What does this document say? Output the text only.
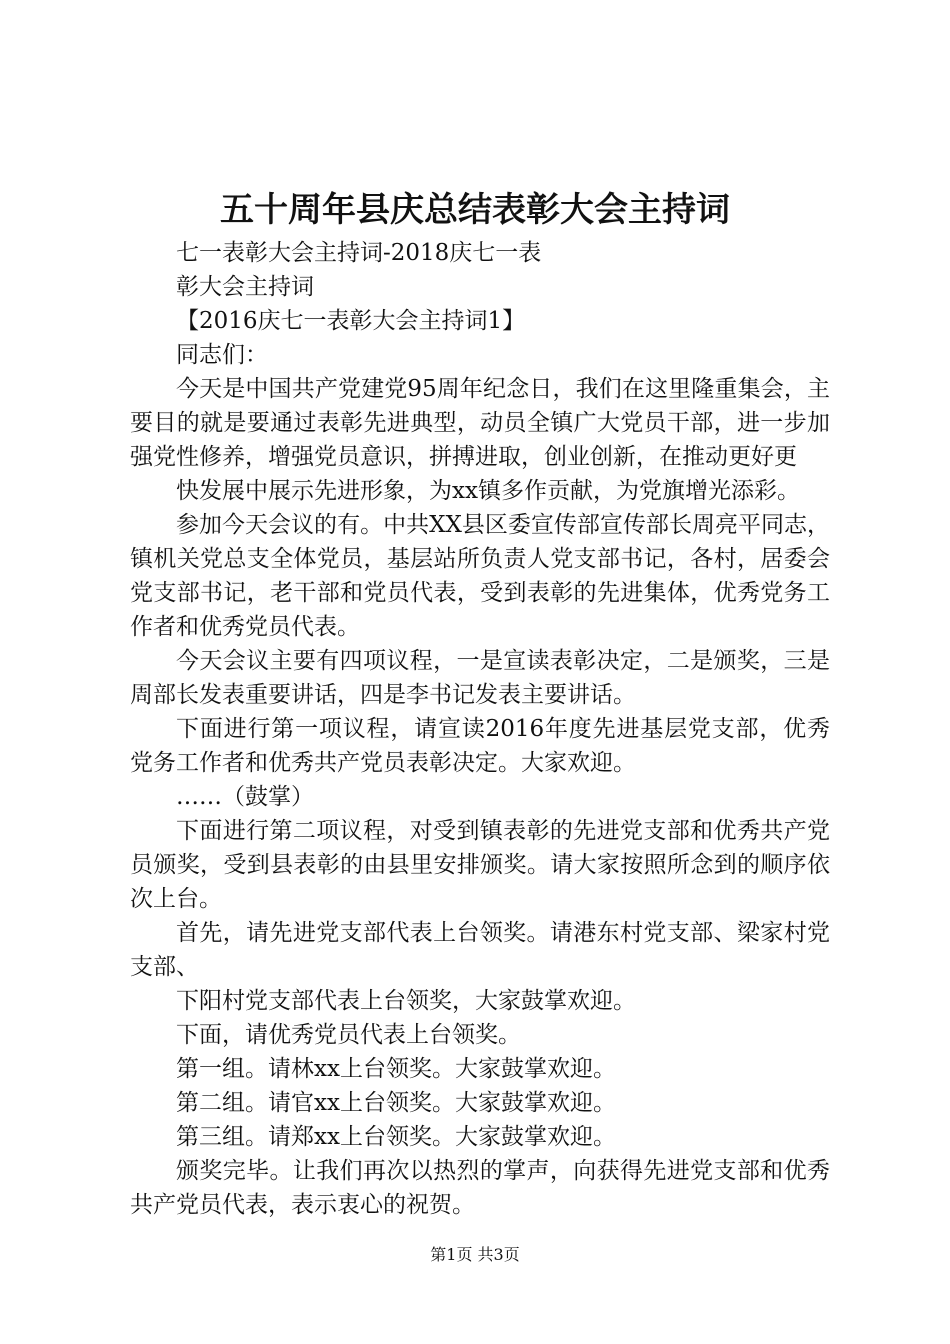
五十周年县庆总结表彰大会主持词

七一表彰大会主持词-2018庆七一表

彰大会主持词

【2016庆七一表彰大会主持词1】

同志们：

今天是中国共产党建党95周年纪念日，我们在这里隆重集会，主要目的就是要通过表彰先进典型，动员全镇广大党员干部，进一步加强党性修养，增强党员意识，拼搏进取，创业创新，在推动更好更

快发展中展示先进形象，为xx镇多作贡献，为党旗增光添彩。

参加今天会议的有。中共XX县区委宣传部宣传部长周亮平同志，镇机关党总支全体党员，基层站所负责人党支部书记，各村，居委会党支部书记，老干部和党员代表，受到表彰的先进集体，优秀党务工作者和优秀党员代表。

今天会议主要有四项议程，一是宣读表彰决定，二是颁奖，三是周部长发表重要讲话，四是李书记发表主要讲话。

下面进行第一项议程，请宣读2016年度先进基层党支部，优秀党务工作者和优秀共产党员表彰决定。大家欢迎。

……（鼓掌）

下面进行第二项议程，对受到镇表彰的先进党支部和优秀共产党员颁奖，受到县表彰的由县里安排颁奖。请大家按照所念到的顺序依次上台。

首先，请先进党支部代表上台领奖。请港东村党支部、梁家村党支部、

下阳村党支部代表上台领奖，大家鼓掌欢迎。

下面，请优秀党员代表上台领奖。

第一组。请林xx上台领奖。大家鼓掌欢迎。

第二组。请官xx上台领奖。大家鼓掌欢迎。

第三组。请郑xx上台领奖。大家鼓掌欢迎。

颁奖完毕。让我们再次以热烈的掌声，向获得先进党支部和优秀共产党员代表，表示衷心的祝贺。

第1页 共3页
